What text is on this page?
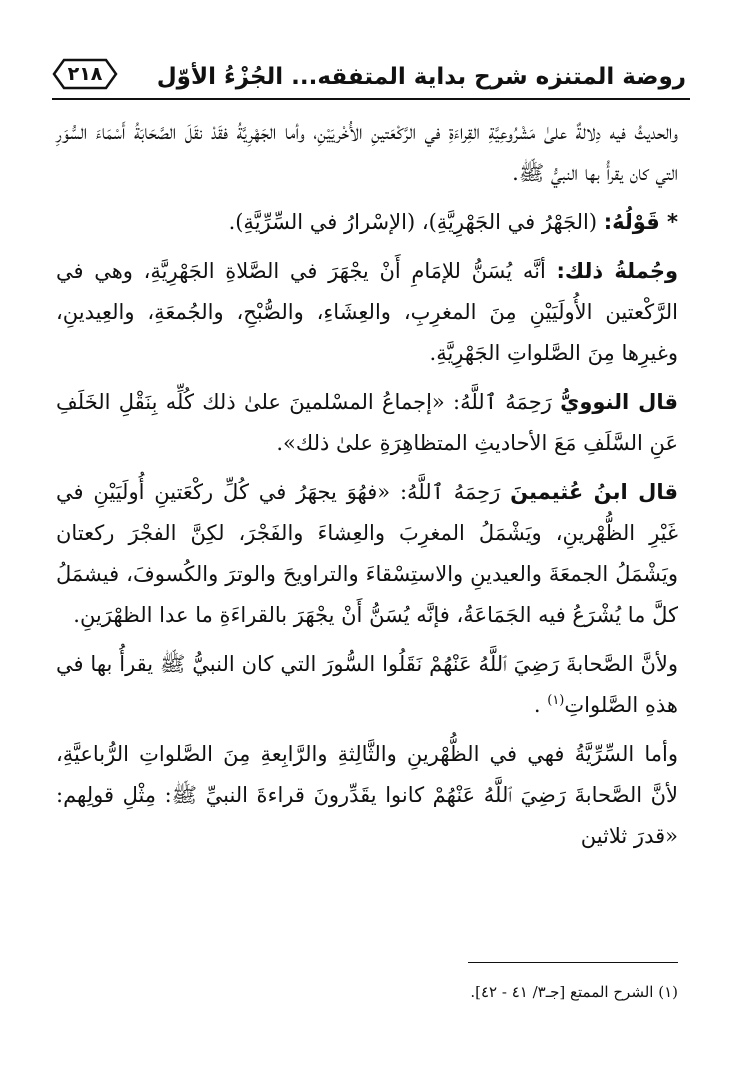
روضة المتنزه شرح بداية المتفقه... الجُزْءُ الأوّل
٢١٨

والحديثُ فيه دِلالةٌ علىٰ مَشْرُوعِيَّةِ القِراءَةِ في الرَّكْعَتينِ الأُخْريَيْنِ، وأما الجَهْرِيَّةُ فقَدْ نقَلَ الصَّحَابَةُ أَسْمَاءَ السُّوَرِ التي كان يقرأُ بها النبيُّ ﷺ.

* قَوْلُهُ: (الجَهْرُ في الجَهْرِيَّةِ)، (الإسْرارُ في السِّرِّيَّةِ).

وجُملةُ ذلك: أنَّه يُسَنُّ للإمَامِ أَنْ يجْهَرَ في الصَّلاةِ الجَهْرِيَّةِ، وهي في الرَّكْعتين الأُولَيَيْنِ مِنَ المغرِبِ، والعِشَاءِ، والصُّبْحِ، والجُمعَةِ، والعِيدينِ، وغيرِها مِنَ الصَّلواتِ الجَهْرِيَّةِ.

قال النوويُّ رَحِمَهُ ٱللَّهُ: «إجماعُ المسْلمينَ علىٰ ذلك كُلِّه بِنَقْلِ الخَلَفِ عَنِ السَّلَفِ مَعَ الأحاديثِ المتظاهِرَةِ علىٰ ذلك».

قال ابنُ عُثيمينَ رَحِمَهُ ٱللَّهُ: «فهُوَ يجهَرُ في كُلِّ ركْعَتينِ أُولَيَيْنِ في غَيْرِ الظُّهْرينِ، ويَشْمَلُ المغرِبَ والعِشاءَ والفَجْرَ، لكِنَّ الفجْرَ ركعتان ويَشْمَلُ الجمعَةَ والعيدينِ والاستِسْقاءَ والتراويحَ والوترَ والكُسوفَ، فيشمَلُ كلَّ ما يُشْرَعُ فيه الجَمَاعَةُ، فإنَّه يُسَنُّ أَنْ يجْهَرَ بالقراءَةِ ما عدا الظهْرَينِ.

ولأنَّ الصَّحابةَ رَضِيَ ٱللَّهُ عَنْهُمْ نَقَلُوا السُّورَ التي كان النبيُّ ﷺ يقرأُ بها في هذهِ الصَّلواتِ$^{(١)}$ .

وأما السِّرِّيَّةُ فهي في الظُّهْرينِ والثَّالِثةِ والرَّابِعةِ مِنَ الصَّلواتِ الرُّباعيَّةِ، لأنَّ الصَّحابةَ رَضِيَ ٱللَّهُ عَنْهُمْ كانوا يقَدِّرونَ قراءةَ النبيِّ ﷺ: مِثْلِ قولِهم: «قدرَ ثلاثين

(١) الشرح الممتع [جـ٣/ ٤١ - ٤٢].
